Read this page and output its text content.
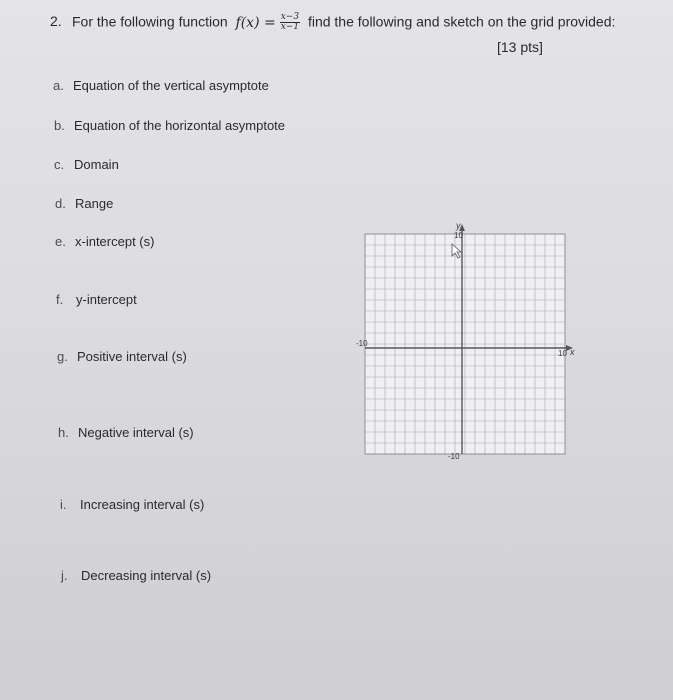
2. For the following function $f(x) = \frac{x-3}{x-1}$ find the following and sketch on the grid provided:
[13 pts]
a. Equation of the vertical asymptote
b. Equation of the horizontal asymptote
c. Domain
d. Range
e. x-intercept (s)
f. y-intercept
g. Positive interval (s)
h. Negative interval (s)
i. Increasing interval (s)
j. Decreasing interval (s)
y
x
10
-10
-10
10
